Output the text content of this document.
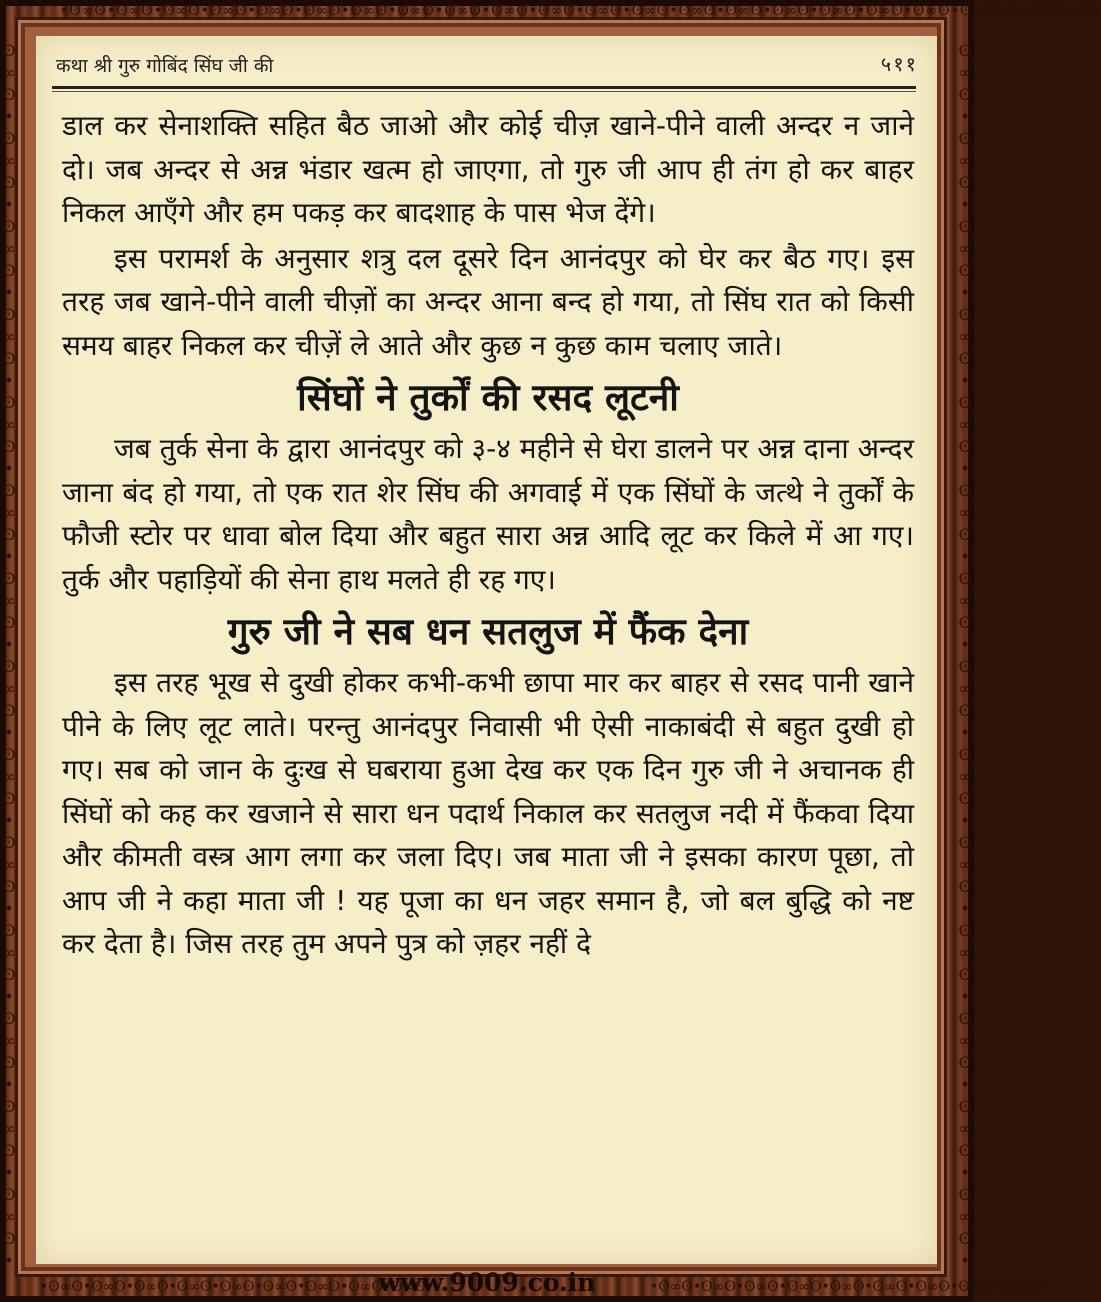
•ʘ∞ʘ•ʘ∞ʘ•ʘ∞ʘ•ʘ∞ʘ•ʘ∞ʘ•ʘ∞ʘ•ʘ∞ʘ•ʘ∞ʘ•ʘ∞ʘ•ʘ∞ʘ•ʘ∞ʘ•ʘ∞ʘ•ʘ∞ʘ•ʘ∞ʘ•ʘ∞ʘ•ʘ∞ʘ•ʘ∞ʘ•ʘ∞ʘ•ʘ∞ʘ•ʘ∞ʘ•ʘ∞ʘ•ʘ∞ʘ•
•ʘ∞ʘ•ʘ∞ʘ•ʘ∞ʘ•ʘ∞ʘ•ʘ∞ʘ•ʘ∞ʘ•ʘ∞ʘ•ʘ∞ʘ•ʘ∞ʘ•	•ʘ∞ʘ•ʘ∞ʘ•ʘ∞ʘ•ʘ∞ʘ•ʘ∞ʘ•ʘ∞ʘ•ʘ∞ʘ•ʘ∞ʘ•ʘ∞ʘ•
ʘ
∞
ʘ
•
ʘ
∞
ʘ
•
ʘ
∞
ʘ
•
ʘ
∞
ʘ
•
ʘ
∞
ʘ
•
ʘ
∞
ʘ
•
ʘ
∞
ʘ
•
ʘ
∞
ʘ
•
ʘ
∞
ʘ
•
ʘ
∞
ʘ
•
ʘ
∞
ʘ
•
ʘ
∞
ʘ
•
ʘ
∞
ʘ
•
ʘ
∞
ʘ
•
ʘ
∞
ʘ
•
ʘ
∞
ʘ
•
ʘ
∞
ʘ
•
ʘ
∞
ʘ
•
ʘ
∞
ʘ
•
ʘ
∞
ʘ
•
ʘ
∞
ʘ
•
ʘ
∞
ʘ
•
ʘ
∞
ʘ
•
ʘ
∞
ʘ
•
ʘ
∞
ʘ
•
ʘ
∞
ʘ
•
ʘ
∞
ʘ
•
ʘ
∞
ʘ
•
कथा श्री गुरु गोबिंद सिंघ जी की	५११

डाल कर सेनाशक्ति सहित बैठ जाओ और कोई चीज़ खाने-पीने वाली अन्दर न जाने दो। जब अन्दर से अन्न भंडार खत्म हो जाएगा, तो गुरु जी आप ही तंग हो कर बाहर निकल आएँगे और हम पकड़ कर बादशाह के पास भेज देंगे।

इस परामर्श के अनुसार शत्रु दल दूसरे दिन आनंदपुर को घेर कर बैठ गए। इस तरह जब खाने-पीने वाली चीज़ों का अन्दर आना बन्द हो गया, तो सिंघ रात को किसी समय बाहर निकल कर चीज़ें ले आते और कुछ न कुछ काम चलाए जाते।

सिंघों ने तुर्कों की रसद लूटनी

जब तुर्क सेना के द्वारा आनंदपुर को ३-४ महीने से घेरा डालने पर अन्न दाना अन्दर जाना बंद हो गया, तो एक रात शेर सिंघ की अगवाई में एक सिंघों के जत्थे ने तुर्कों के फौजी स्टोर पर धावा बोल दिया और बहुत सारा अन्न आदि लूट कर किले में आ गए। तुर्क और पहाड़ियों की सेना हाथ मलते ही रह गए।

गुरु जी ने सब धन सतलुज में फैंक देना

इस तरह भूख से दुखी होकर कभी-कभी छापा मार कर बाहर से रसद पानी खाने पीने के लिए लूट लाते। परन्तु आनंदपुर निवासी भी ऐसी नाकाबंदी से बहुत दुखी हो गए। सब को जान के दुःख से घबराया हुआ देख कर एक दिन गुरु जी ने अचानक ही सिंघों को कह कर खजाने से सारा धन पदार्थ निकाल कर सतलुज नदी में फैंकवा दिया और कीमती वस्त्र आग लगा कर जला दिए। जब माता जी ने इसका कारण पूछा, तो आप जी ने कहा माता जी ! यह पूजा का धन जहर समान है, जो बल बुद्धि को नष्ट कर देता है। जिस तरह तुम अपने पुत्र को ज़हर नहीं दे

www.9009.co.in
